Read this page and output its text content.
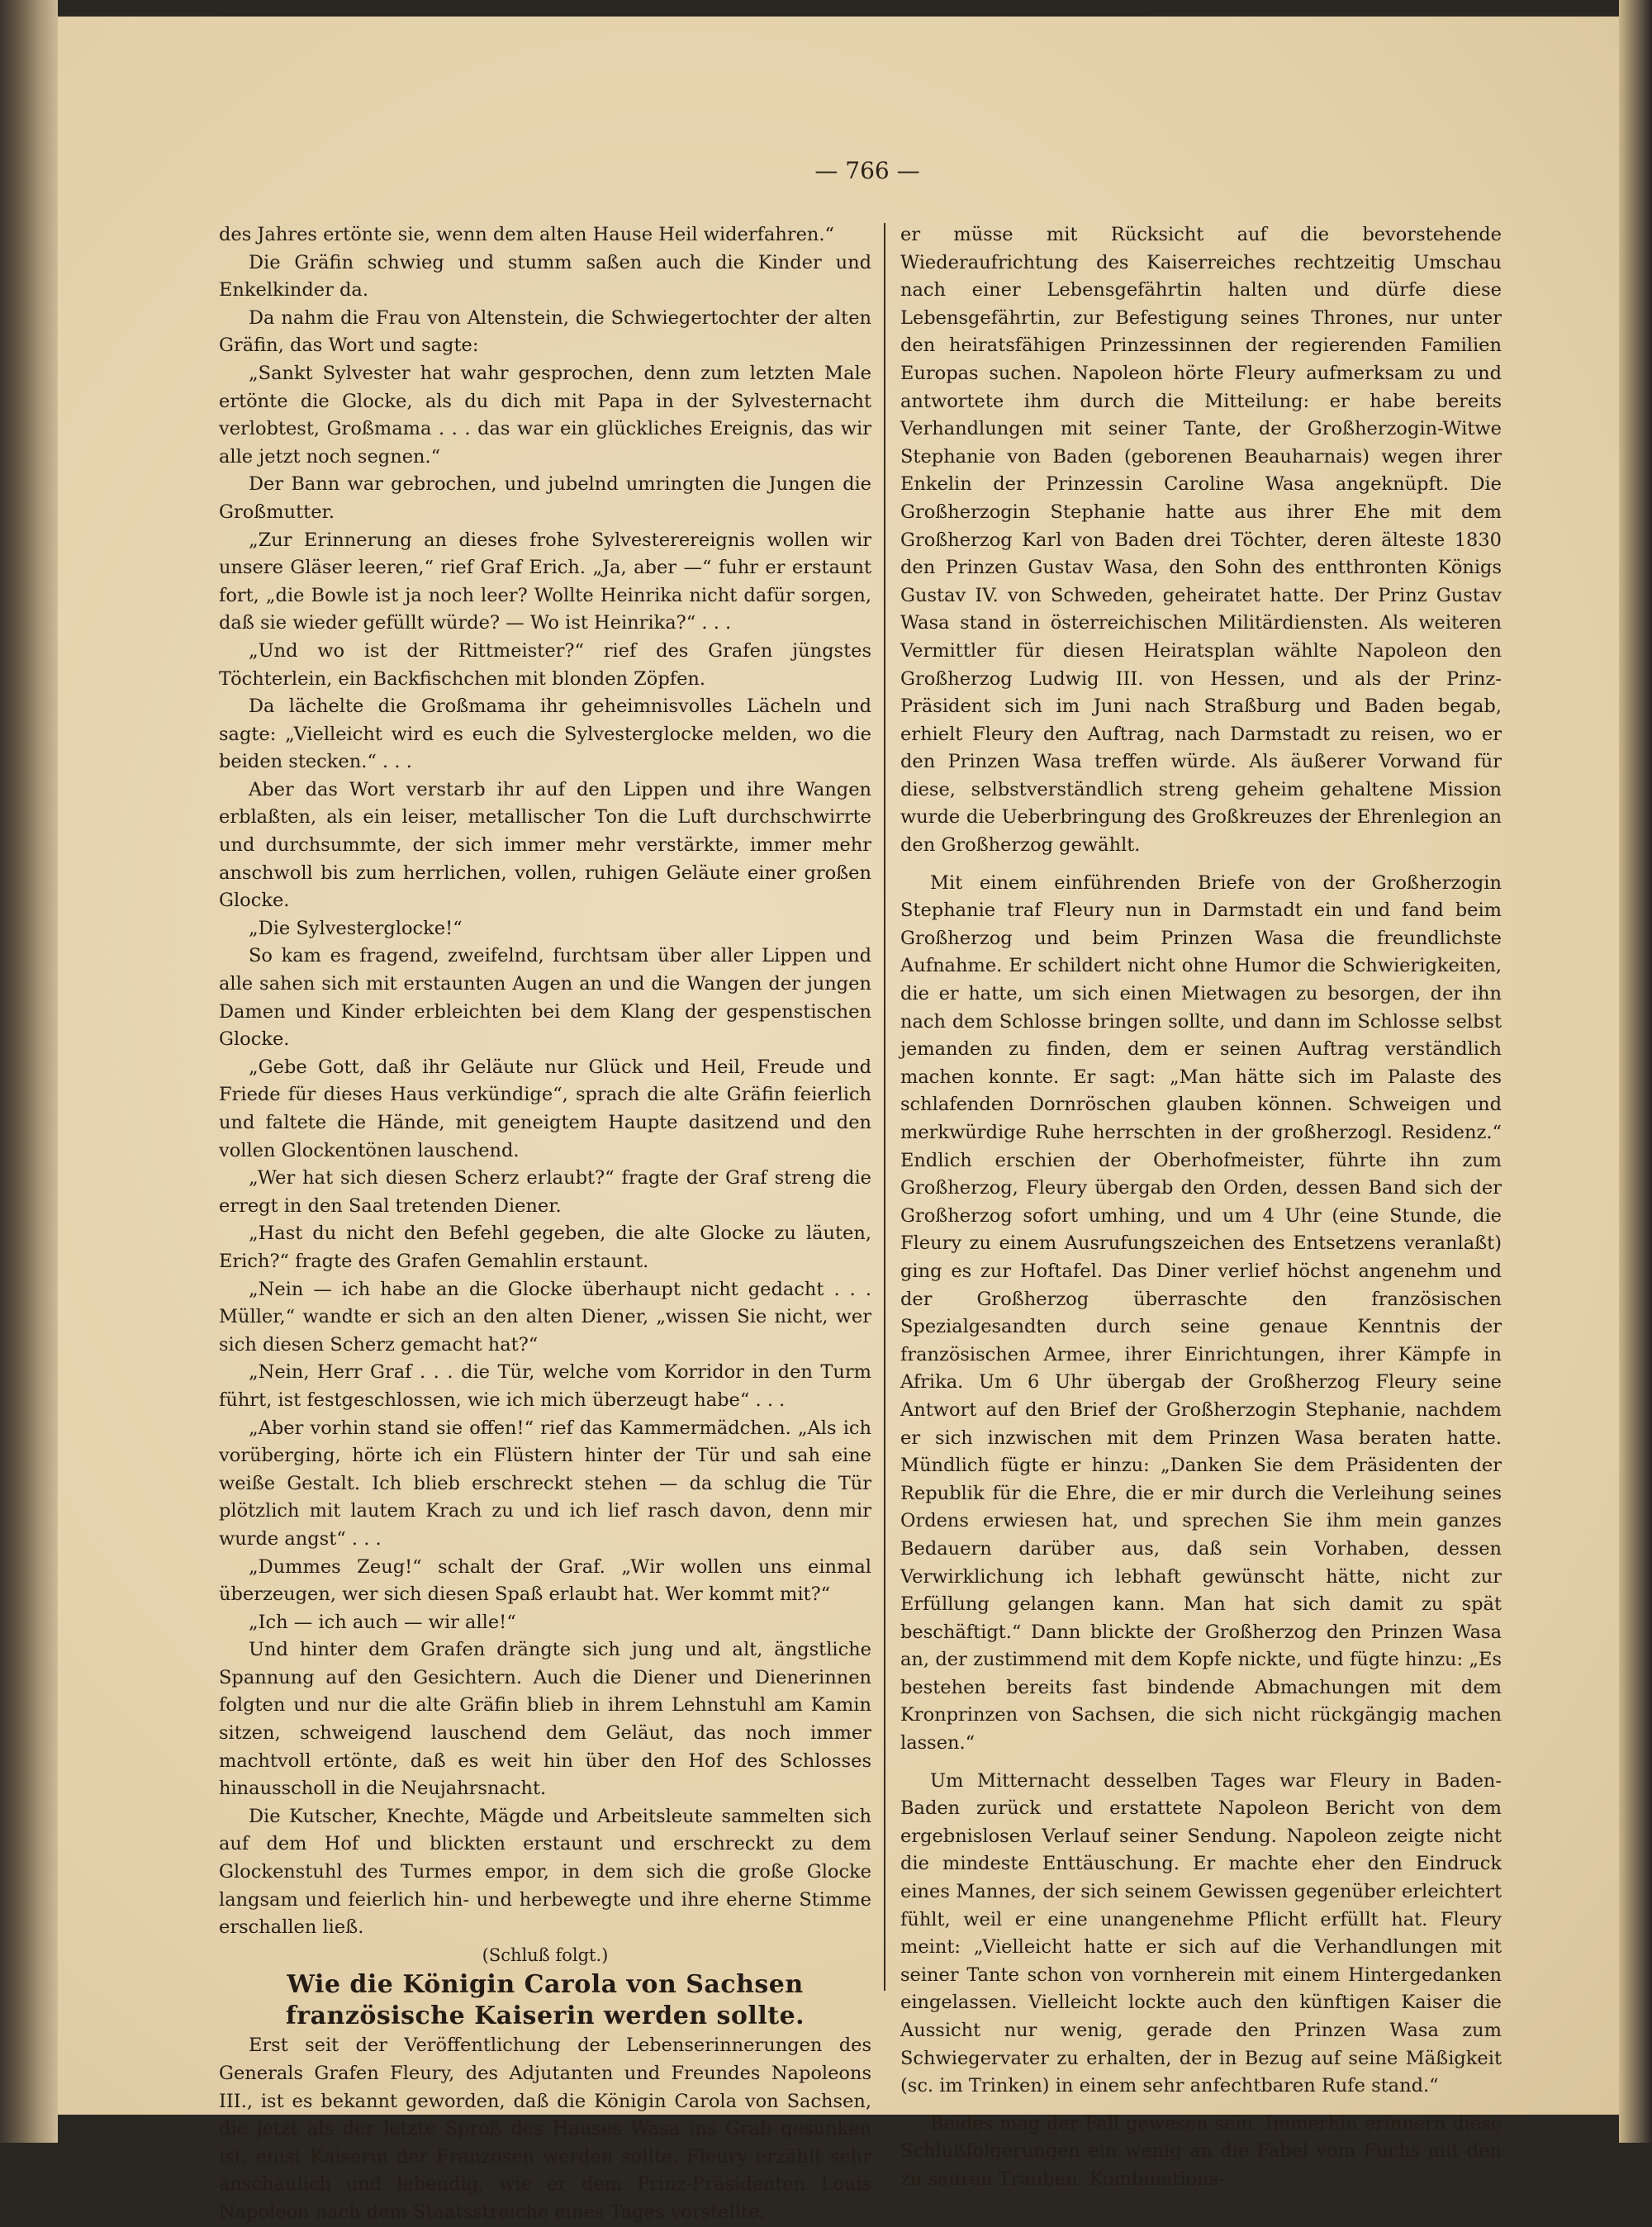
— 766 —

des Jahres ertönte sie, wenn dem alten Hause Heil widerfahren.“

Die Gräfin schwieg und stumm saßen auch die Kinder und Enkelkinder da.

Da nahm die Frau von Altenstein, die Schwiegertochter der alten Gräfin, das Wort und sagte:

„Sankt Sylvester hat wahr gesprochen, denn zum letzten Male ertönte die Glocke, als du dich mit Papa in der Sylvesternacht verlobtest, Großmama . . . das war ein glückliches Ereignis, das wir alle jetzt noch segnen.“

Der Bann war gebrochen, und jubelnd umringten die Jungen die Großmutter.

„Zur Erinnerung an dieses frohe Sylvesterereignis wollen wir unsere Gläser leeren,“ rief Graf Erich. „Ja, aber —“ fuhr er erstaunt fort, „die Bowle ist ja noch leer? Wollte Heinrika nicht dafür sorgen, daß sie wieder gefüllt würde? — Wo ist Heinrika?“ . . .

„Und wo ist der Rittmeister?“ rief des Grafen jüngstes Töchterlein, ein Backfischchen mit blonden Zöpfen.

Da lächelte die Großmama ihr geheimnisvolles Lächeln und sagte: „Vielleicht wird es euch die Sylvesterglocke melden, wo die beiden stecken.“ . . .

Aber das Wort verstarb ihr auf den Lippen und ihre Wangen erblaßten, als ein leiser, metallischer Ton die Luft durchschwirrte und durchsummte, der sich immer mehr verstärkte, immer mehr anschwoll bis zum herrlichen, vollen, ruhigen Geläute einer großen Glocke.

„Die Sylvesterglocke!“

So kam es fragend, zweifelnd, furchtsam über aller Lippen und alle sahen sich mit erstaunten Augen an und die Wangen der jungen Damen und Kinder erbleichten bei dem Klang der gespenstischen Glocke.

„Gebe Gott, daß ihr Geläute nur Glück und Heil, Freude und Friede für dieses Haus verkündige“, sprach die alte Gräfin feierlich und faltete die Hände, mit geneigtem Haupte dasitzend und den vollen Glockentönen lauschend.

„Wer hat sich diesen Scherz erlaubt?“ fragte der Graf streng die erregt in den Saal tretenden Diener.

„Hast du nicht den Befehl gegeben, die alte Glocke zu läuten, Erich?“ fragte des Grafen Gemahlin erstaunt.

„Nein — ich habe an die Glocke überhaupt nicht gedacht . . . Müller,“ wandte er sich an den alten Diener, „wissen Sie nicht, wer sich diesen Scherz gemacht hat?“

„Nein, Herr Graf . . . die Tür, welche vom Korridor in den Turm führt, ist festgeschlossen, wie ich mich überzeugt habe“ . . .

„Aber vorhin stand sie offen!“ rief das Kammermädchen. „Als ich vorüberging, hörte ich ein Flüstern hinter der Tür und sah eine weiße Gestalt. Ich blieb erschreckt stehen — da schlug die Tür plötzlich mit lautem Krach zu und ich lief rasch davon, denn mir wurde angst“ . . .

„Dummes Zeug!“ schalt der Graf. „Wir wollen uns einmal überzeugen, wer sich diesen Spaß erlaubt hat. Wer kommt mit?“

„Ich — ich auch — wir alle!“

Und hinter dem Grafen drängte sich jung und alt, ängstliche Spannung auf den Gesichtern. Auch die Diener und Dienerinnen folgten und nur die alte Gräfin blieb in ihrem Lehnstuhl am Kamin sitzen, schweigend lauschend dem Geläut, das noch immer machtvoll ertönte, daß es weit hin über den Hof des Schlosses hinausscholl in die Neujahrsnacht.

Die Kutscher, Knechte, Mägde und Arbeitsleute sammelten sich auf dem Hof und blickten erstaunt und erschreckt zu dem Glockenstuhl des Turmes empor, in dem sich die große Glocke langsam und feierlich hin- und herbewegte und ihre eherne Stimme erschallen ließ.

(Schluß folgt.)

Wie die Königin Carola von Sachsen französische Kaiserin werden sollte.

Erst seit der Veröffentlichung der Lebenserinnerungen des Generals Grafen Fleury, des Adjutanten und Freundes Napoleons III., ist es bekannt geworden, daß die Königin Carola von Sachsen, die jetzt als der letzte Sproß des Hauses Wasa ins Grab gesunken ist, einst Kaiserin der Franzosen werden sollte. Fleury erzählt sehr anschaulich und lebendig, wie er dem Prinz-Präsidenten Louis Napoleon nach dem Staatsstreiche eines Tages vorstellte,

er müsse mit Rücksicht auf die bevorstehende Wiederaufrichtung des Kaiserreiches rechtzeitig Umschau nach einer Lebensgefährtin halten und dürfe diese Lebensgefährtin, zur Befestigung seines Thrones, nur unter den heiratsfähigen Prinzessinnen der regierenden Familien Europas suchen. Napoleon hörte Fleury aufmerksam zu und antwortete ihm durch die Mitteilung: er habe bereits Verhandlungen mit seiner Tante, der Großherzogin-Witwe Stephanie von Baden (geborenen Beauharnais) wegen ihrer Enkelin der Prinzessin Caroline Wasa angeknüpft. Die Großherzogin Stephanie hatte aus ihrer Ehe mit dem Großherzog Karl von Baden drei Töchter, deren älteste 1830 den Prinzen Gustav Wasa, den Sohn des entthronten Königs Gustav IV. von Schweden, geheiratet hatte. Der Prinz Gustav Wasa stand in österreichischen Militärdiensten. Als weiteren Vermittler für diesen Heiratsplan wählte Napoleon den Großherzog Ludwig III. von Hessen, und als der Prinz-Präsident sich im Juni nach Straßburg und Baden begab, erhielt Fleury den Auftrag, nach Darmstadt zu reisen, wo er den Prinzen Wasa treffen würde. Als äußerer Vorwand für diese, selbstverständlich streng geheim gehaltene Mission wurde die Ueberbringung des Großkreuzes der Ehrenlegion an den Großherzog gewählt.

Mit einem einführenden Briefe von der Großherzogin Stephanie traf Fleury nun in Darmstadt ein und fand beim Großherzog und beim Prinzen Wasa die freundlichste Aufnahme. Er schildert nicht ohne Humor die Schwierigkeiten, die er hatte, um sich einen Mietwagen zu besorgen, der ihn nach dem Schlosse bringen sollte, und dann im Schlosse selbst jemanden zu finden, dem er seinen Auftrag verständlich machen konnte. Er sagt: „Man hätte sich im Palaste des schlafenden Dornröschen glauben können. Schweigen und merkwürdige Ruhe herrschten in der großherzogl. Residenz.“ Endlich erschien der Oberhofmeister, führte ihn zum Großherzog, Fleury übergab den Orden, dessen Band sich der Großherzog sofort umhing, und um 4 Uhr (eine Stunde, die Fleury zu einem Ausrufungszeichen des Entsetzens veranlaßt) ging es zur Hoftafel. Das Diner verlief höchst angenehm und der Großherzog überraschte den französischen Spezialgesandten durch seine genaue Kenntnis der französischen Armee, ihrer Einrichtungen, ihrer Kämpfe in Afrika. Um 6 Uhr übergab der Großherzog Fleury seine Antwort auf den Brief der Großherzogin Stephanie, nachdem er sich inzwischen mit dem Prinzen Wasa beraten hatte. Mündlich fügte er hinzu: „Danken Sie dem Präsidenten der Republik für die Ehre, die er mir durch die Verleihung seines Ordens erwiesen hat, und sprechen Sie ihm mein ganzes Bedauern darüber aus, daß sein Vorhaben, dessen Verwirklichung ich lebhaft gewünscht hätte, nicht zur Erfüllung gelangen kann. Man hat sich damit zu spät beschäftigt.“ Dann blickte der Großherzog den Prinzen Wasa an, der zustimmend mit dem Kopfe nickte, und fügte hinzu: „Es bestehen bereits fast bindende Abmachungen mit dem Kronprinzen von Sachsen, die sich nicht rückgängig machen lassen.“

Um Mitternacht desselben Tages war Fleury in Baden-Baden zurück und erstattete Napoleon Bericht von dem ergebnislosen Verlauf seiner Sendung. Napoleon zeigte nicht die mindeste Enttäuschung. Er machte eher den Eindruck eines Mannes, der sich seinem Gewissen gegenüber erleichtert fühlt, weil er eine unangenehme Pflicht erfüllt hat. Fleury meint: „Vielleicht hatte er sich auf die Verhandlungen mit seiner Tante schon von vornherein mit einem Hintergedanken eingelassen. Vielleicht lockte auch den künftigen Kaiser die Aussicht nur wenig, gerade den Prinzen Wasa zum Schwiegervater zu erhalten, der in Bezug auf seine Mäßigkeit (sc. im Trinken) in einem sehr anfechtbaren Rufe stand.“

Beides mag der Fall gewesen sein. Immerhin erinnern diese Schlußfolgerungen ein wenig an die Fabel vom Fuchs mit den zu sauren Trauben. Kombinations-
